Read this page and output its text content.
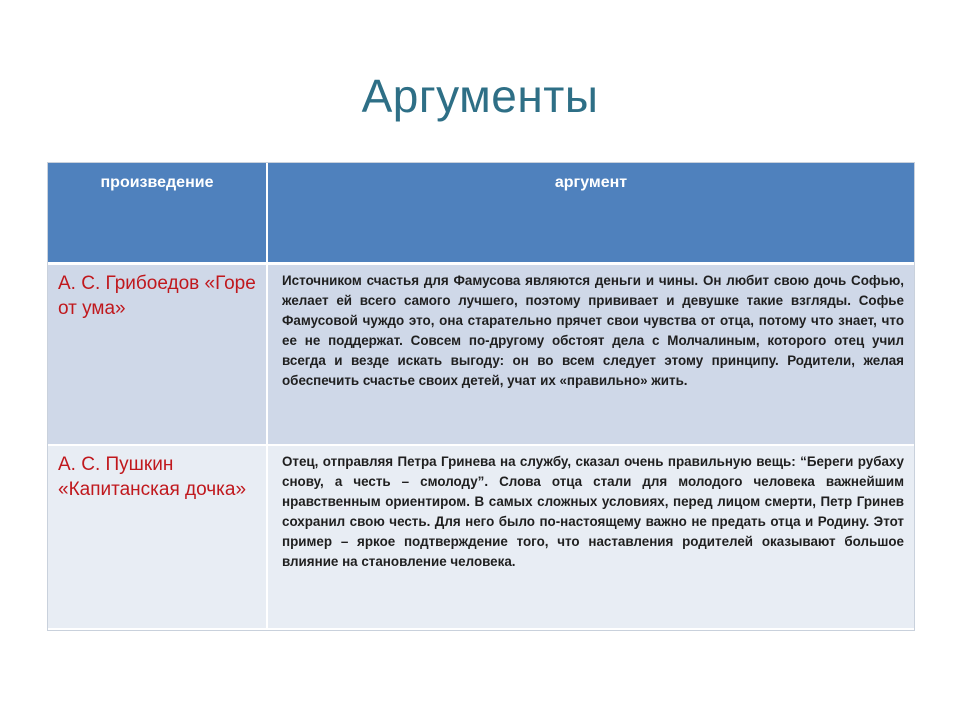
Аргументы
произведение	аргумент
А. С. Грибоедов «Горе от ума»	Источником счастья для Фамусова являются деньги и чины. Он любит свою дочь Софью, желает ей всего самого лучшего, поэтому прививает и девушке такие взгляды. Софье Фамусовой чуждо это, она старательно прячет свои чувства от отца, потому что знает, что ее не поддержат. Совсем по-другому обстоят дела с Молчалиным, которого отец учил всегда и везде искать выгоду: он во всем следует этому принципу. Родители, желая обеспечить счастье своих детей, учат их «правильно» жить.
А. С. Пушкин «Капитанская дочка»	Отец, отправляя Петра Гринева на службу, сказал очень правильную вещь: “Береги рубаху снову, а честь – смолоду”. Слова отца стали для молодого человека важнейшим нравственным ориентиром. В самых сложных условиях, перед лицом смерти, Петр Гринев сохранил свою честь. Для него было по-настоящему важно не предать отца и Родину. Этот пример – яркое подтверждение того, что наставления родителей оказывают большое влияние на становление человека.
